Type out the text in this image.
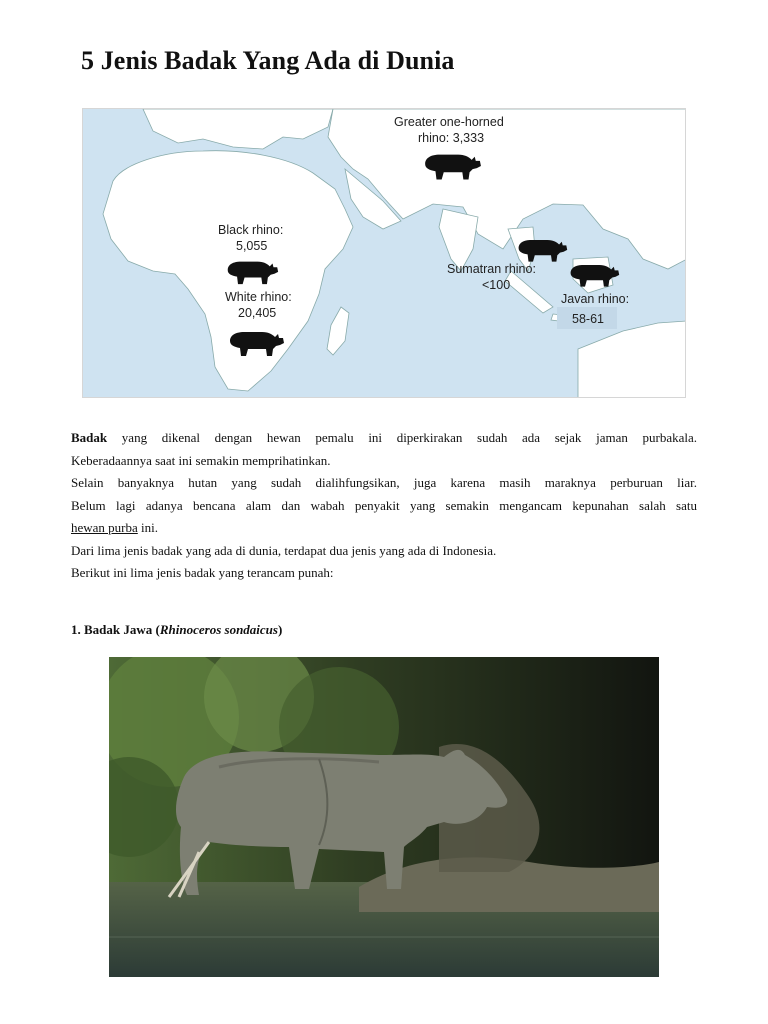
5 Jenis Badak Yang Ada di Dunia
Greater one-horned
rhino: 3,333
Black rhino:
5,055
White rhino:
20,405
Sumatran rhino:
<100
Javan rhino:
58-61

Badak yang dikenal dengan hewan pemalu ini diperkirakan sudah ada sejak jaman purbakala.

Keberadaannya saat ini semakin memprihatinkan.

Selain banyaknya hutan yang sudah dialihfungsikan, juga karena masih maraknya perburuan liar.

Belum lagi adanya bencana alam dan wabah penyakit yang semakin mengancam kepunahan salah satu

hewan purba ini.

Dari lima jenis badak yang ada di dunia, terdapat dua jenis yang ada di Indonesia.

Berikut ini lima jenis badak yang terancam punah:

1. Badak Jawa (Rhinoceros sondaicus)
